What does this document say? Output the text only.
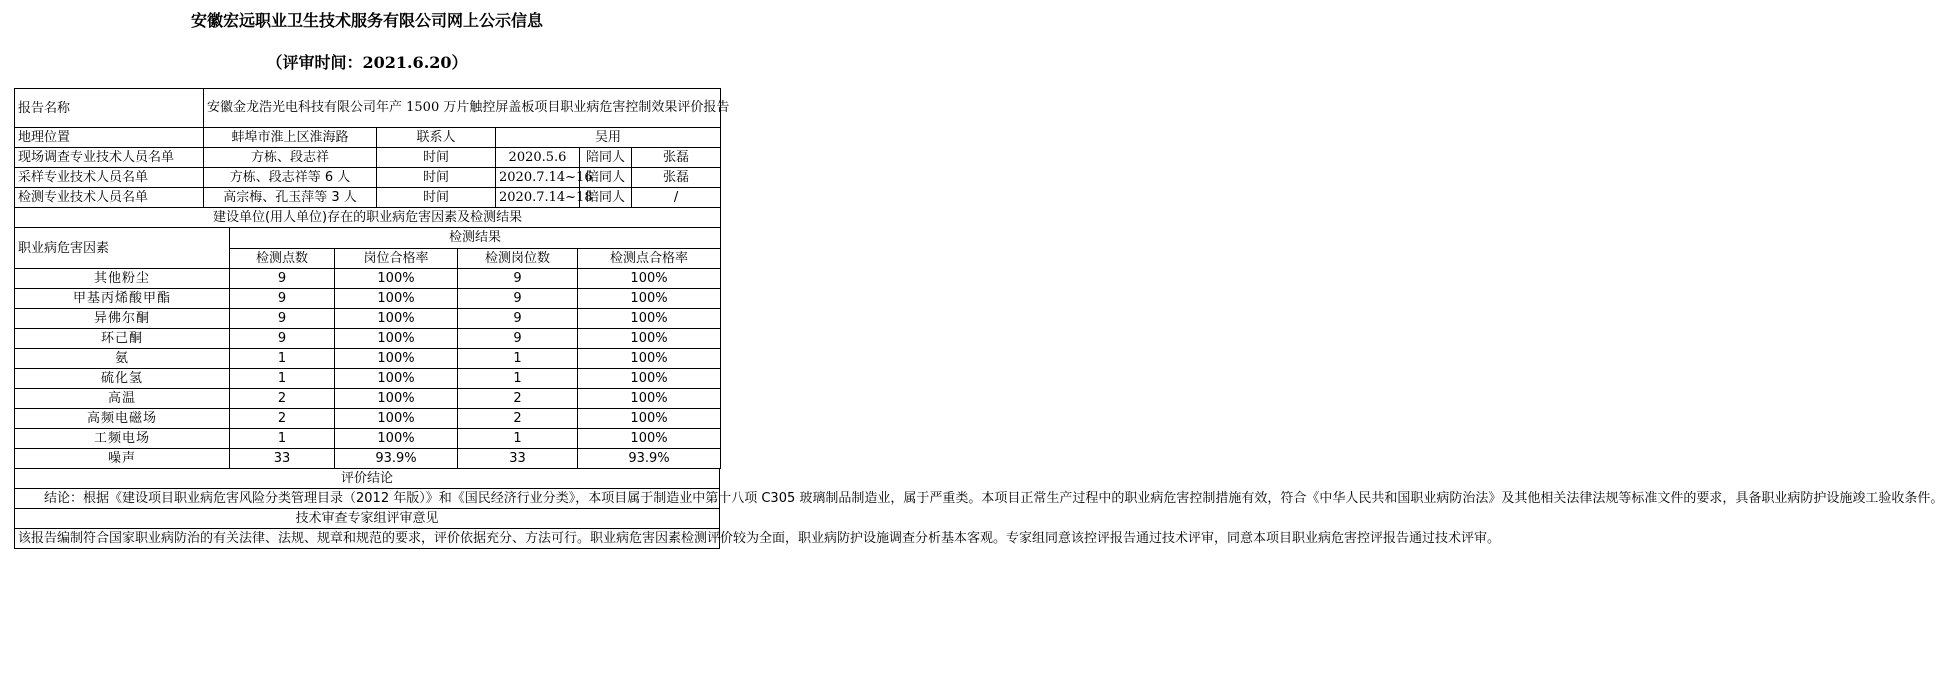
安徽宏远职业卫生技术服务有限公司网上公示信息
（评审时间：2021.6.20）
报告名称	安徽金龙浩光电科技有限公司年产 1500 万片触控屏盖板项目职业病危害控制效果评价报告				
地理位置	蚌埠市淮上区淮海路	联系人	吴用		
现场调查专业技术人员名单	方栋、段志祥	时间	2020.5.6	陪同人	张磊
采样专业技术人员名单	方栋、段志祥等 6 人	时间	2020.7.14~16	陪同人	张磊
检测专业技术人员名单	高宗梅、孔玉萍等 3 人	时间	2020.7.14~18	陪同人	/
建设单位(用人单位)存在的职业病危害因素及检测结果					
职业病危害因素	检测结果			
	检测点数	岗位合格率	检测岗位数	检测点合格率
其他粉尘	9	100%	9	100%
甲基丙烯酸甲酯	9	100%	9	100%
异佛尔酮	9	100%	9	100%
环己酮	9	100%	9	100%
氨	1	100%	1	100%
硫化氢	1	100%	1	100%
高温	2	100%	2	100%
高频电磁场	2	100%	2	100%
工频电场	1	100%	1	100%
噪声	33	93.9%	33	93.9%
评价结论
结论：根据《建设项目职业病危害风险分类管理目录（2012 年版）》和《国民经济行业分类》，本项目属于制造业中第十八项 C305 玻璃制品制造业，属于严重类。本项目正常生产过程中的职业病危害控制措施有效，符合《中华人民共和国职业病防治法》及其他相关法律法规等标准文件的要求，具备职业病防护设施竣工验收条件。
技术审查专家组评审意见
该报告编制符合国家职业病防治的有关法律、法规、规章和规范的要求，评价依据充分、方法可行。职业病危害因素检测评价较为全面，职业病防护设施调查分析基本客观。专家组同意该控评报告通过技术评审，同意本项目职业病危害控评报告通过技术评审。
